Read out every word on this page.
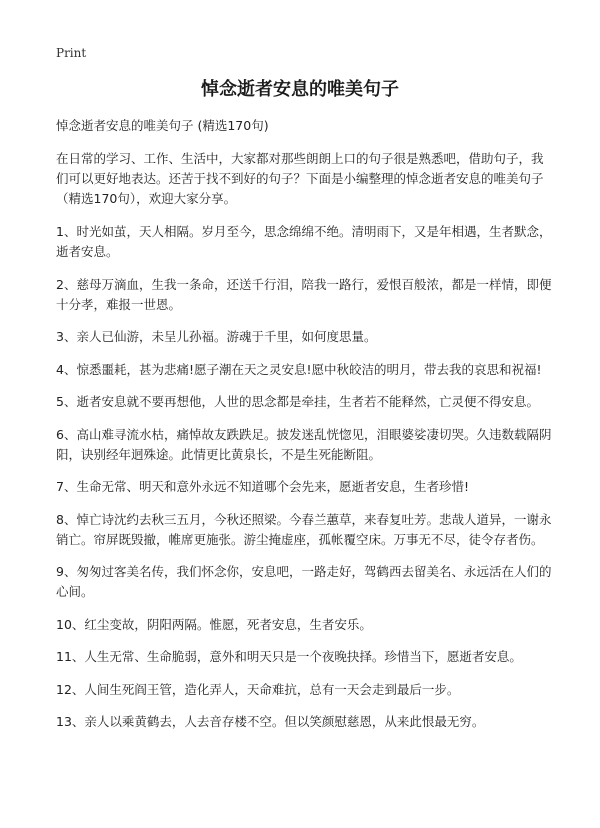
Print
悼念逝者安息的唯美句子

悼念逝者安息的唯美句子 (精选170句)

在日常的学习、工作、生活中，大家都对那些朗朗上口的句子很是熟悉吧，借助句子，我们可以更好地表达。还苦于找不到好的句子？下面是小编整理的悼念逝者安息的唯美句子（精选170句），欢迎大家分享。

1、时光如茧，天人相隔。岁月至今，思念绵绵不绝。清明雨下，又是年相遇，生者默念，逝者安息。

2、慈母万滴血，生我一条命，还送千行泪，陪我一路行，爱恨百般浓，都是一样情，即便十分孝，难报一世恩。

3、亲人已仙游，未呈儿孙福。游魂于千里，如何度思量。

4、惊悉噩耗，甚为悲痛!愿子潮在天之灵安息!愿中秋皎洁的明月，带去我的哀思和祝福!

5、逝者安息就不要再想他，人世的思念都是牵挂，生者若不能释然，亡灵便不得安息。

6、高山难寻流水枯，痛悼故友跌跌足。披发迷乱恍惚见，泪眼婆娑凄切哭。久违数载隔阴阳，诀别经年迥殊途。此情更比黄泉长，不是生死能断阻。

7、生命无常、明天和意外永远不知道哪个会先来，愿逝者安息，生者珍惜!

8、悼亡诗沈约去秋三五月，今秋还照梁。今春兰蕙草，来春复吐芳。悲哉人道异，一谢永销亡。帘屏既毁撤，帷席更施张。游尘掩虚座，孤帐覆空床。万事无不尽，徒令存者伤。

9、匆匆过客美名传，我们怀念你，安息吧，一路走好，驾鹤西去留美名、永远活在人们的心间。

10、红尘变故，阴阳两隔。惟愿，死者安息，生者安乐。

11、人生无常、生命脆弱，意外和明天只是一个夜晚抉择。珍惜当下，愿逝者安息。

12、人间生死阎王管，造化弄人，天命难抗，总有一天会走到最后一步。

13、亲人以乘黄鹤去，人去音存楼不空。但以笑颜慰慈恩，从来此恨最无穷。
